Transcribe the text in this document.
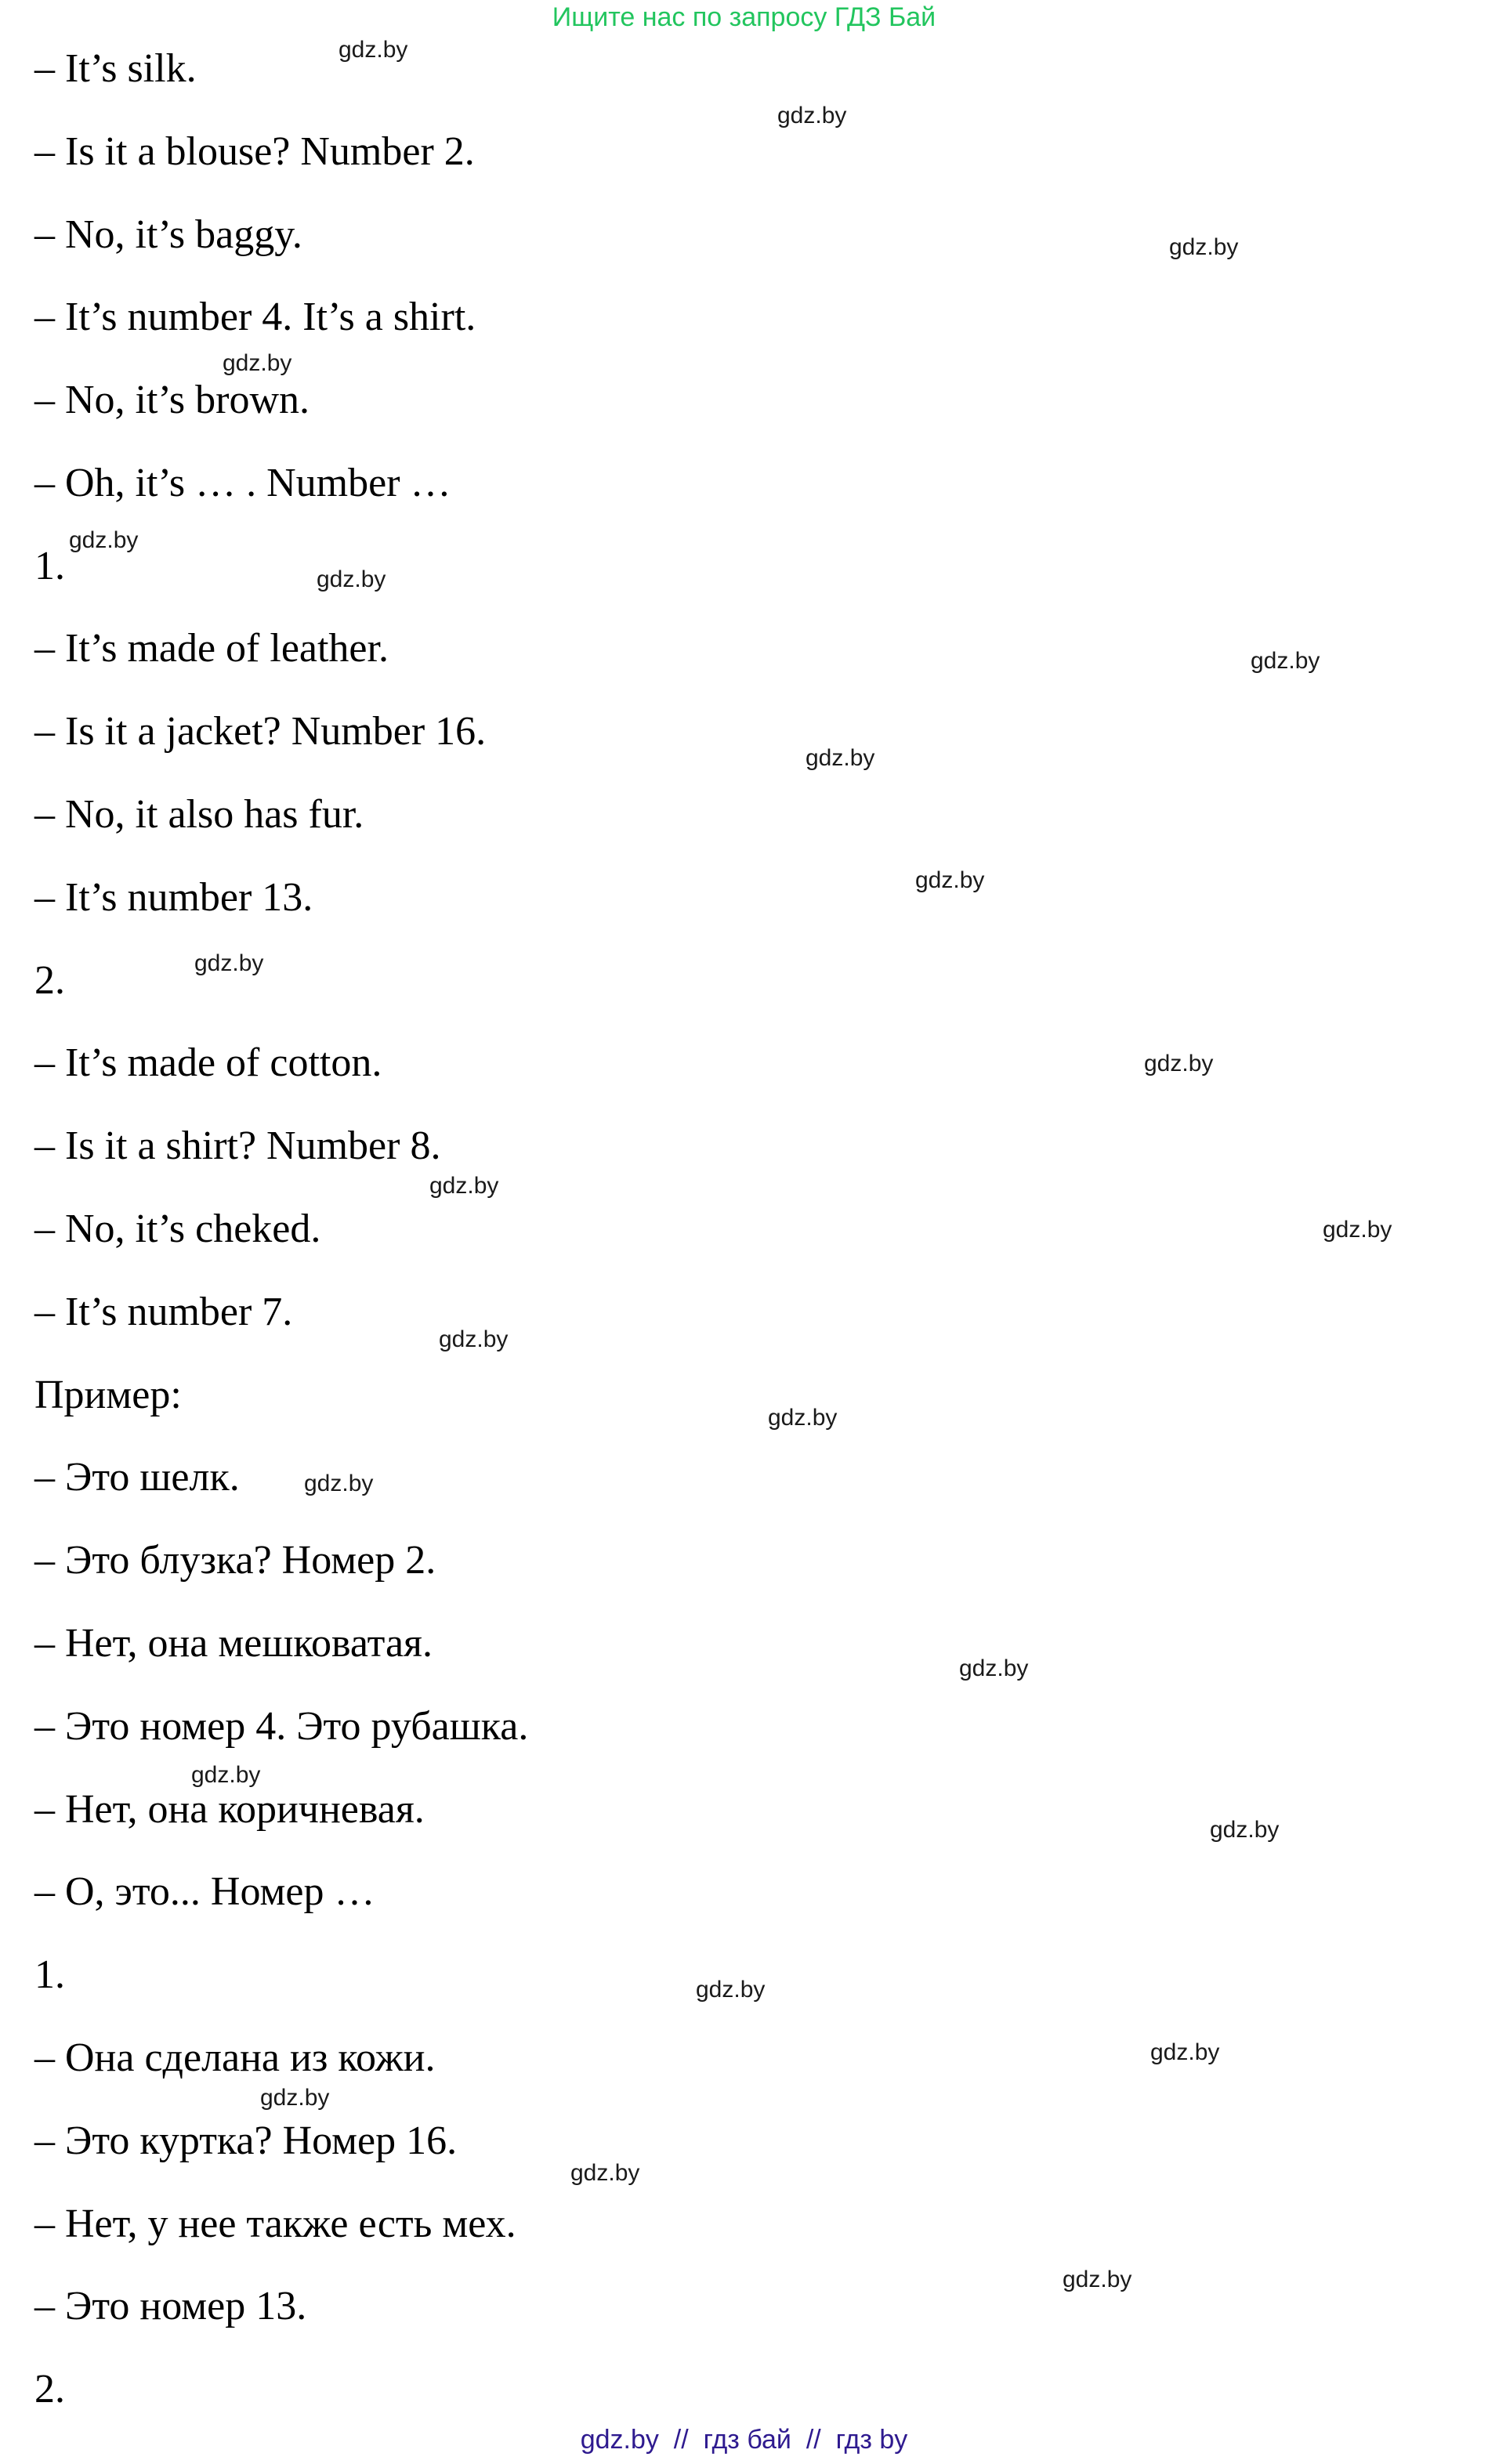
Ищите нас по запросу ГДЗ Бай
– It’s silk.
– Is it a blouse? Number 2.
– No, it’s baggy.
– It’s number 4. It’s a shirt.
– No, it’s brown.
– Oh, it’s … . Number …
1.
– It’s made of leather.
– Is it a jacket? Number 16.
– No, it also has fur.
– It’s number 13.
2.
– It’s made of cotton.
– Is it a shirt? Number 8.
– No, it’s cheked.
– It’s number 7.
Пример:
– Это шелк.
– Это блузка? Номер 2.
– Нет, она мешковатая.
– Это номер 4. Это рубашка.
– Нет, она коричневая.
– О, это... Номер …
1.
– Она сделана из кожи.
– Это куртка? Номер 16.
– Нет, у нее также есть мех.
– Это номер 13.
2.
gdz.by
gdz.by
gdz.by
gdz.by
gdz.by
gdz.by
gdz.by
gdz.by
gdz.by
gdz.by
gdz.by
gdz.by
gdz.by
gdz.by
gdz.by
gdz.by
gdz.by
gdz.by
gdz.by
gdz.by
gdz.by
gdz.by
gdz.by
gdz.by
gdz.by  //  гдз бай  //  гдз by
